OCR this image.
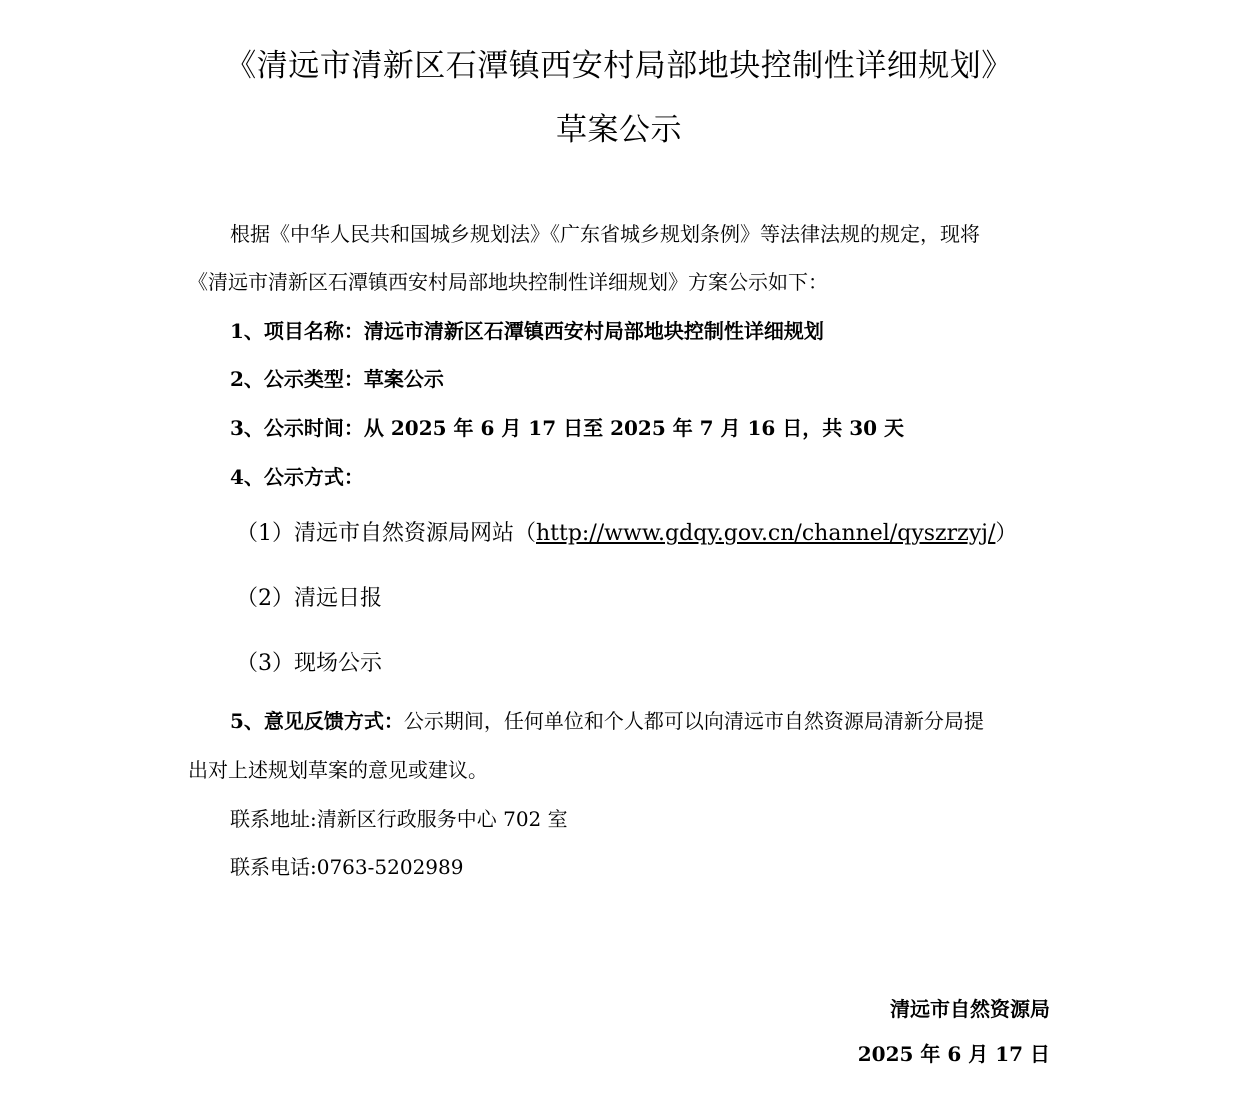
《清远市清新区石潭镇西安村局部地块控制性详细规划》
草案公示
根据《中华人民共和国城乡规划法》《广东省城乡规划条例》等法律法规的规定，现将
《清远市清新区石潭镇西安村局部地块控制性详细规划》方案公示如下：
1、项目名称：清远市清新区石潭镇西安村局部地块控制性详细规划
2、公示类型：草案公示
3、公示时间：从 2025 年 6 月 17 日至 2025 年 7 月 16 日，共 30 天
4、公示方式：
（1）清远市自然资源局网站（http://www.gdqy.gov.cn/channel/qyszrzyj/）
（2）清远日报
（3）现场公示
5、意见反馈方式：公示期间，任何单位和个人都可以向清远市自然资源局清新分局提
出对上述规划草案的意见或建议。
联系地址:清新区行政服务中心 702 室
联系电话:0763-5202989
清远市自然资源局
2025 年 6 月 17 日
